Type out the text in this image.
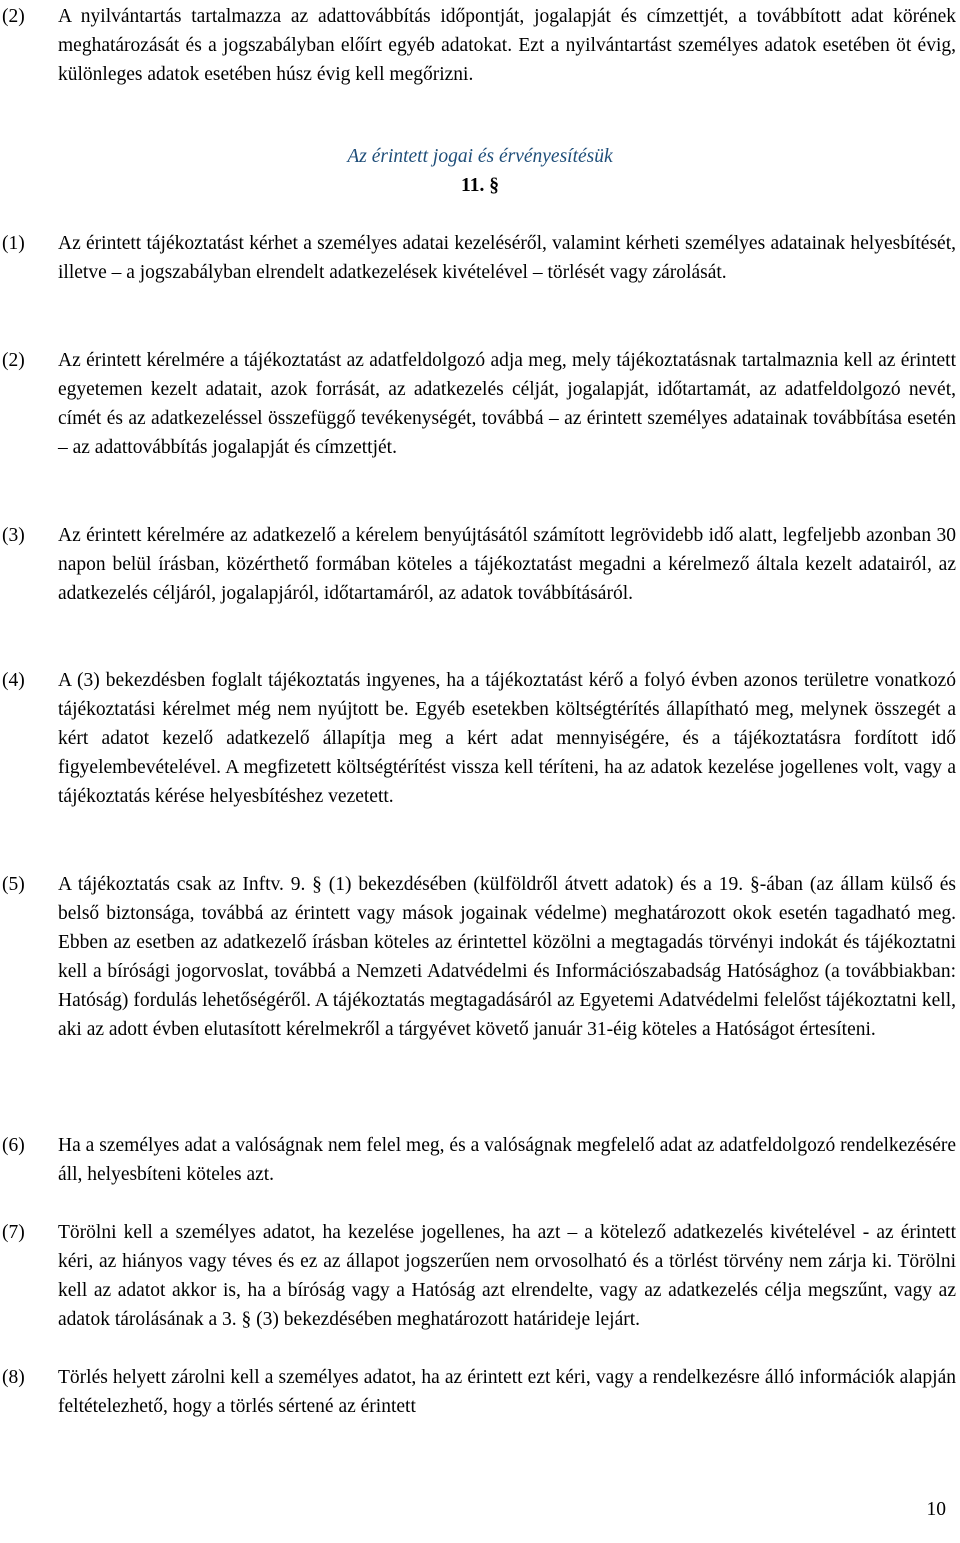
(2) A nyilvántartás tartalmazza az adattovábbítás időpontját, jogalapját és címzettjét, a továbbított adat körének meghatározását és a jogszabályban előírt egyéb adatokat. Ezt a nyilvántartást személyes adatok esetében öt évig, különleges adatok esetében húsz évig kell megőrizni.
Az érintett jogai és érvényesítésük
11. §
(1) Az érintett tájékoztatást kérhet a személyes adatai kezeléséről, valamint kérheti személyes adatainak helyesbítését, illetve – a jogszabályban elrendelt adatkezelések kivételével – törlését vagy zárolását.
(2) Az érintett kérelmére a tájékoztatást az adatfeldolgozó adja meg, mely tájékoztatásnak tartalmaznia kell az érintett egyetemen kezelt adatait, azok forrását, az adatkezelés célját, jogalapját, időtartamát, az adatfeldolgozó nevét, címét és az adatkezeléssel összefüggő tevékenységét, továbbá – az érintett személyes adatainak továbbítása esetén – az adattovábbítás jogalapját és címzettjét.
(3) Az érintett kérelmére az adatkezelő a kérelem benyújtásától számított legrövidebb idő alatt, legfeljebb azonban 30 napon belül írásban, közérthető formában köteles a tájékoztatást megadni a kérelmező általa kezelt adatairól, az adatkezelés céljáról, jogalapjáról, időtartamáról, az adatok továbbításáról.
(4) A (3) bekezdésben foglalt tájékoztatás ingyenes, ha a tájékoztatást kérő a folyó évben azonos területre vonatkozó tájékoztatási kérelmet még nem nyújtott be. Egyéb esetekben költségtérítés állapítható meg, melynek összegét a kért adatot kezelő adatkezelő állapítja meg a kért adat mennyiségére, és a tájékoztatásra fordított idő figyelembevételével. A megfizetett költségtérítést vissza kell téríteni, ha az adatok kezelése jogellenes volt, vagy a tájékoztatás kérése helyesbítéshez vezetett.
(5) A tájékoztatás csak az Inftv. 9. § (1) bekezdésében (külföldről átvett adatok) és a 19. §-ában (az állam külső és belső biztonsága, továbbá az érintett vagy mások jogainak védelme) meghatározott okok esetén tagadható meg. Ebben az esetben az adatkezelő írásban köteles az érintettel közölni a megtagadás törvényi indokát és tájékoztatni kell a bírósági jogorvoslat, továbbá a Nemzeti Adatvédelmi és Információszabadság Hatósághoz (a továbbiakban: Hatóság) fordulás lehetőségéről. A tájékoztatás megtagadásáról az Egyetemi Adatvédelmi felelőst tájékoztatni kell, aki az adott évben elutasított kérelmekről a tárgyévet követő január 31-éig köteles a Hatóságot értesíteni.
(6) Ha a személyes adat a valóságnak nem felel meg, és a valóságnak megfelelő adat az adatfeldolgozó rendelkezésére áll, helyesbíteni köteles azt.
(7) Törölni kell a személyes adatot, ha kezelése jogellenes, ha azt – a kötelező adatkezelés kivételével - az érintett kéri, az hiányos vagy téves és ez az állapot jogszerűen nem orvosolható és a törlést törvény nem zárja ki. Törölni kell az adatot akkor is, ha a bíróság vagy a Hatóság azt elrendelte, vagy az adatkezelés célja megszűnt, vagy az adatok tárolásának a 3. § (3) bekezdésében meghatározott határideje lejárt.
(8) Törlés helyett zárolni kell a személyes adatot, ha az érintett ezt kéri, vagy a rendelkezésre álló információk alapján feltételezhető, hogy a törlés sértené az érintett
10
